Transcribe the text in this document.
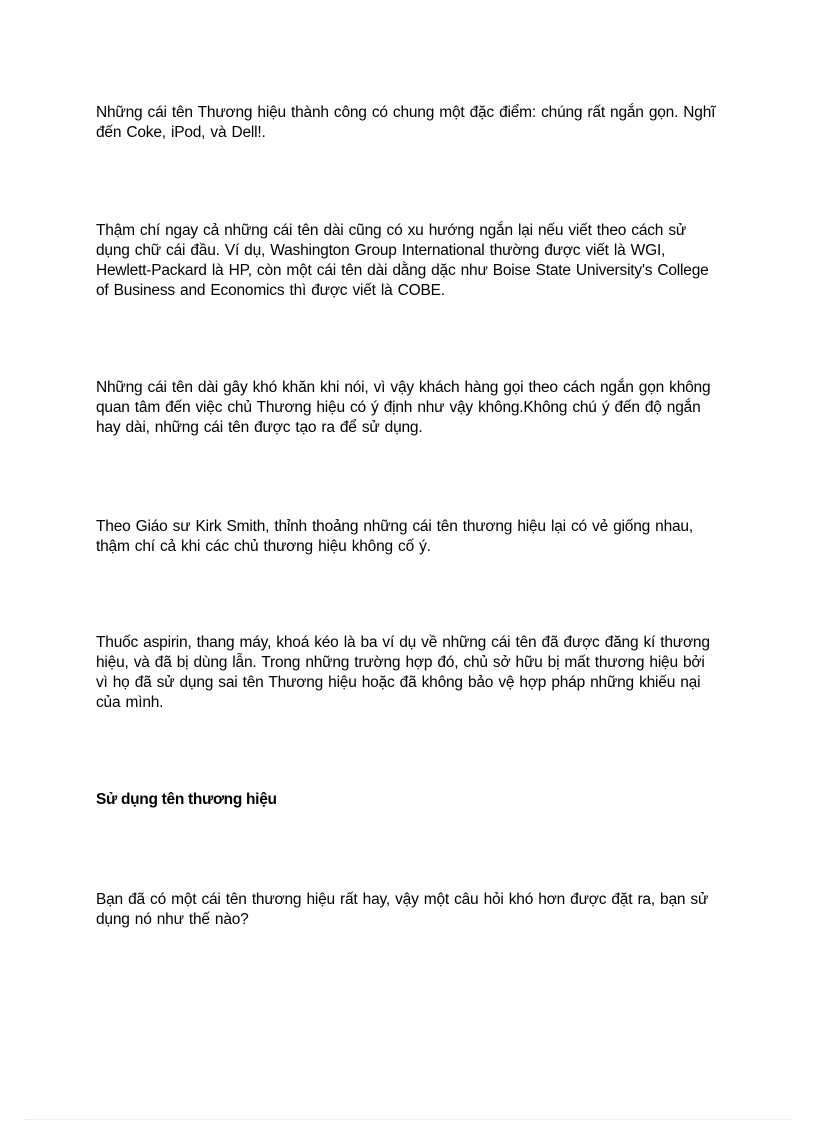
Những cái tên Thương hiệu thành công có chung một đặc điểm: chúng rất ngắn gọn. Nghĩ đến Coke, iPod, và Dell!.

Thậm chí ngay cả những cái tên dài cũng có xu hướng ngắn lại nếu viết theo cách sử dụng chữ cái đầu. Ví dụ, Washington Group International thường được viết là WGI, Hewlett-Packard là HP, còn một cái tên dài dằng dặc như Boise State University's College of Business and Economics thì được viết là COBE.

Những cái tên dài gây khó khăn khi nói, vì vậy khách hàng gọi theo cách ngắn gọn không quan tâm đến việc chủ Thương hiệu có ý định như vậy không.Không chú ý đến độ ngắn hay dài, những cái tên được tạo ra để sử dụng.

Theo Giáo sư Kirk Smith, thỉnh thoảng những cái tên thương hiệu lại có vẻ giống nhau, thậm chí cả khi các chủ thương hiệu không cố ý.

Thuốc aspirin, thang máy, khoá kéo là ba ví dụ về những cái tên đã được đăng kí thương hiệu, và đã bị dùng lẫn. Trong những trường hợp đó, chủ sở hữu bị mất thương hiệu bởi vì họ đã sử dụng sai tên Thương hiệu hoặc đã không bảo vệ hợp pháp những khiếu nại của mình.

Sử dụng tên thương hiệu

Bạn đã có một cái tên thương hiệu rất hay, vậy một câu hỏi khó hơn được đặt ra, bạn sử dụng nó như thế nào?
